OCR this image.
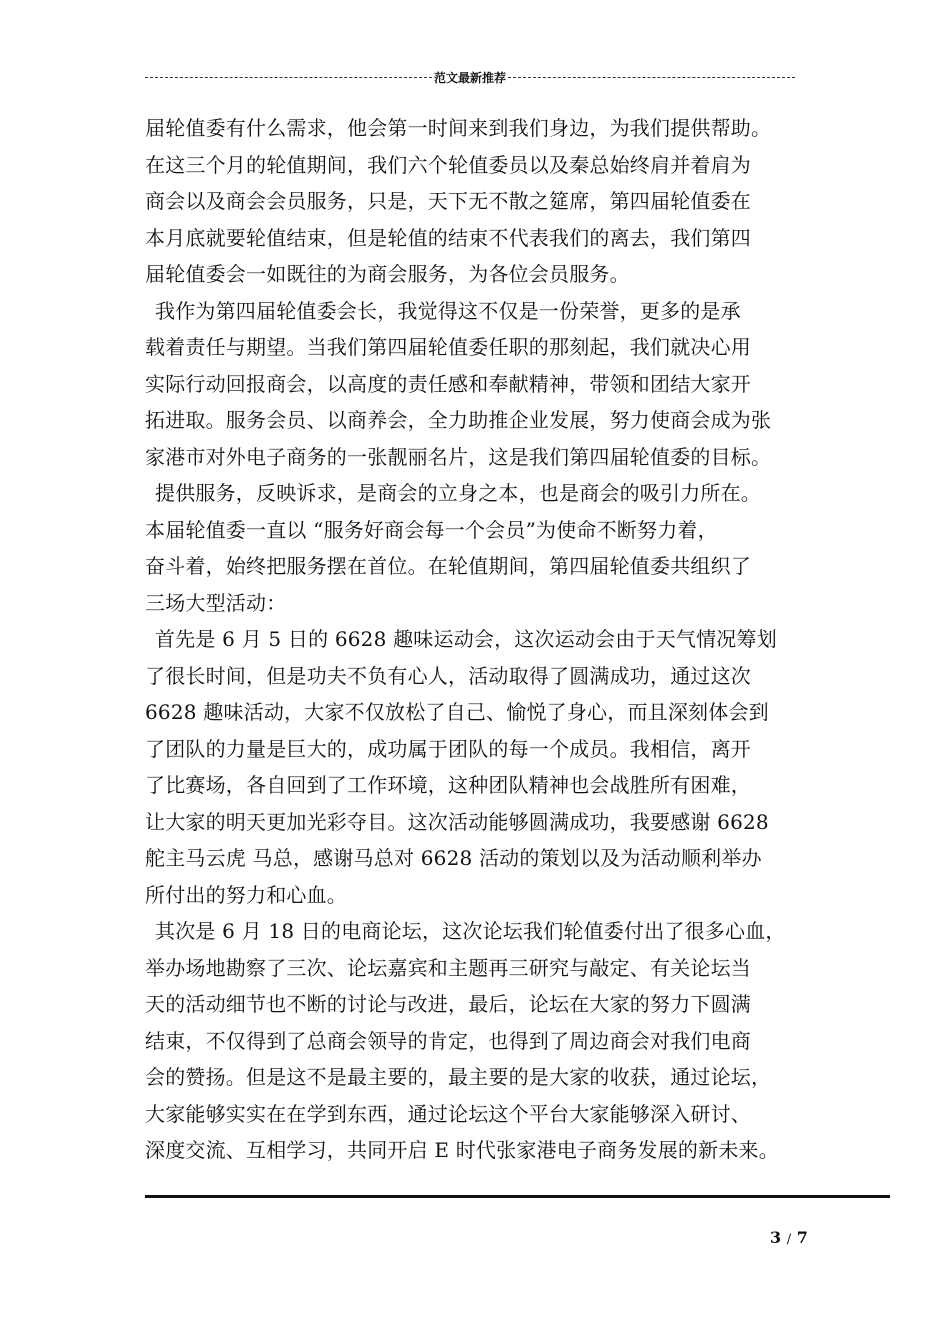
范文最新推荐
届轮值委有什么需求，他会第一时间来到我们身边，为我们提供帮助。
在这三个月的轮值期间，我们六个轮值委员以及秦总始终肩并着肩为
商会以及商会会员服务，只是，天下无不散之筵席，第四届轮值委在
本月底就要轮值结束，但是轮值的结束不代表我们的离去，我们第四
届轮值委会一如既往的为商会服务，为各位会员服务。
我作为第四届轮值委会长，我觉得这不仅是一份荣誉，更多的是承
载着责任与期望。当我们第四届轮值委任职的那刻起，我们就决心用
实际行动回报商会，以高度的责任感和奉献精神，带领和团结大家开
拓进取。服务会员、以商养会，全力助推企业发展，努力使商会成为张
家港市对外电子商务的一张靓丽名片，这是我们第四届轮值委的目标。
提供服务，反映诉求，是商会的立身之本，也是商会的吸引力所在。
本届轮值委一直以 “服务好商会每一个会员”为使命不断努力着，
奋斗着，始终把服务摆在首位。在轮值期间，第四届轮值委共组织了
三场大型活动：
首先是 6 月 5 日的 6628 趣味运动会，这次运动会由于天气情况筹划
了很长时间，但是功夫不负有心人，活动取得了圆满成功，通过这次
6628 趣味活动，大家不仅放松了自己、愉悦了身心，而且深刻体会到
了团队的力量是巨大的，成功属于团队的每一个成员。我相信，离开
了比赛场，各自回到了工作环境，这种团队精神也会战胜所有困难，
让大家的明天更加光彩夺目。这次活动能够圆满成功，我要感谢 6628
舵主马云虎 马总，感谢马总对 6628 活动的策划以及为活动顺利举办
所付出的努力和心血。
其次是 6 月 18 日的电商论坛，这次论坛我们轮值委付出了很多心血，
举办场地勘察了三次、论坛嘉宾和主题再三研究与敲定、有关论坛当
天的活动细节也不断的讨论与改进，最后，论坛在大家的努力下圆满
结束，不仅得到了总商会领导的肯定，也得到了周边商会对我们电商
会的赞扬。但是这不是最主要的，最主要的是大家的收获，通过论坛，
大家能够实实在在学到东西，通过论坛这个平台大家能够深入研讨、
深度交流、互相学习，共同开启 E 时代张家港电子商务发展的新未来。
3 / 7
